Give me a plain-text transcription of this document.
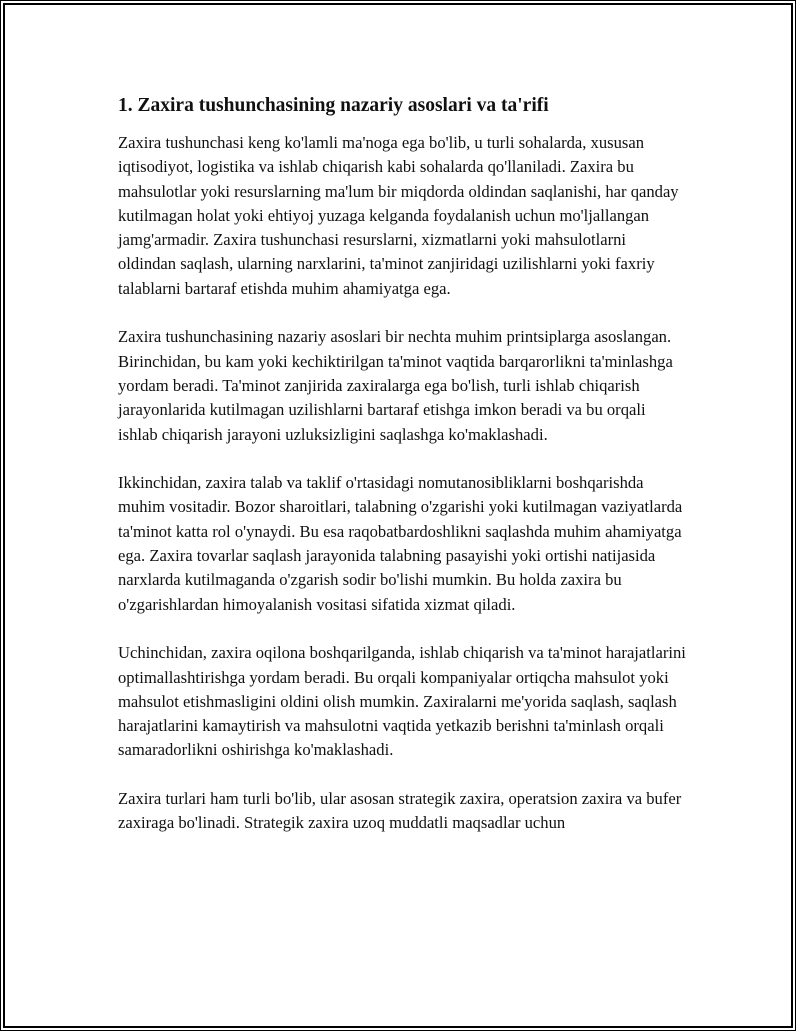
1. Zaxira tushunchasining nazariy asoslari va ta'rifi

Zaxira tushunchasi keng ko'lamli ma'noga ega bo'lib, u turli sohalarda, xususan iqtisodiyot, logistika va ishlab chiqarish kabi sohalarda qo'llaniladi. Zaxira bu mahsulotlar yoki resurslarning ma'lum bir miqdorda oldindan saqlanishi, har qanday kutilmagan holat yoki ehtiyoj yuzaga kelganda foydalanish uchun mo'ljallangan jamg'armadir. Zaxira tushunchasi resurslarni, xizmatlarni yoki mahsulotlarni oldindan saqlash, ularning narxlarini, ta'minot zanjiridagi uzilishlarni yoki faxriy talablarni bartaraf etishda muhim ahamiyatga ega.

Zaxira tushunchasining nazariy asoslari bir nechta muhim printsiplarga asoslangan. Birinchidan, bu kam yoki kechiktirilgan ta'minot vaqtida barqarorlikni ta'minlashga yordam beradi. Ta'minot zanjirida zaxiralarga ega bo'lish, turli ishlab chiqarish jarayonlarida kutilmagan uzilishlarni bartaraf etishga imkon beradi va bu orqali ishlab chiqarish jarayoni uzluksizligini saqlashga ko'maklashadi.

Ikkinchidan, zaxira talab va taklif o'rtasidagi nomutanosibliklarni boshqarishda muhim vositadir. Bozor sharoitlari, talabning o'zgarishi yoki kutilmagan vaziyatlarda ta'minot katta rol o'ynaydi. Bu esa raqobatbardoshlikni saqlashda muhim ahamiyatga ega. Zaxira tovarlar saqlash jarayonida talabning pasayishi yoki ortishi natijasida narxlarda kutilmaganda o'zgarish sodir bo'lishi mumkin. Bu holda zaxira bu o'zgarishlardan himoyalanish vositasi sifatida xizmat qiladi.

Uchinchidan, zaxira oqilona boshqarilganda, ishlab chiqarish va ta'minot harajatlarini optimallashtirishga yordam beradi. Bu orqali kompaniyalar ortiqcha mahsulot yoki mahsulot etishmasligini oldini olish mumkin. Zaxiralarni me'yorida saqlash, saqlash harajatlarini kamaytirish va mahsulotni vaqtida yetkazib berishni ta'minlash orqali samaradorlikni oshirishga ko'maklashadi.

Zaxira turlari ham turli bo'lib, ular asosan strategik zaxira, operatsion zaxira va bufer zaxiraga bo'linadi. Strategik zaxira uzoq muddatli maqsadlar uchun
